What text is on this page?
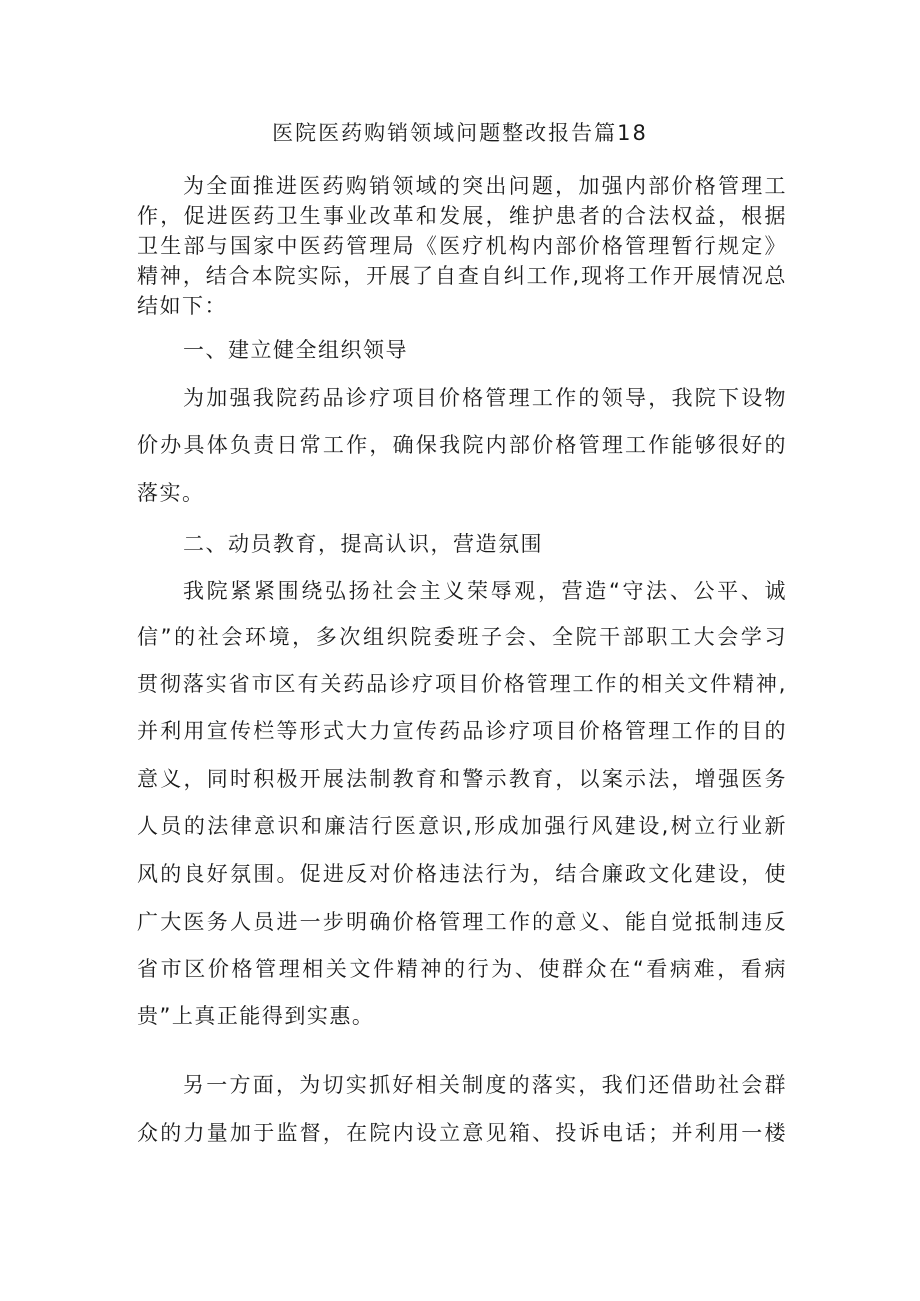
医院医药购销领域问题整改报告篇18
为全面推进医药购销领域的突出问题，加强内部价格管理工
作，促进医药卫生事业改革和发展，维护患者的合法权益，根据
卫生部与国家中医药管理局《医疗机构内部价格管理暂行规定》
精神，结合本院实际，开展了自查自纠工作,现将工作开展情况总
结如下：
一、建立健全组织领导
为加强我院药品诊疗项目价格管理工作的领导，我院下设物
价办具体负责日常工作，确保我院内部价格管理工作能够很好的
落实。
二、动员教育，提高认识，营造氛围
我院紧紧围绕弘扬社会主义荣辱观，营造“守法、公平、诚
信”的社会环境，多次组织院委班子会、全院干部职工大会学习
贯彻落实省市区有关药品诊疗项目价格管理工作的相关文件精神,
并利用宣传栏等形式大力宣传药品诊疗项目价格管理工作的目的
意义，同时积极开展法制教育和警示教育，以案示法，增强医务
人员的法律意识和廉洁行医意识,形成加强行风建设,树立行业新
风的良好氛围。促进反对价格违法行为，结合廉政文化建设，使
广大医务人员进一步明确价格管理工作的意义、能自觉抵制违反
省市区价格管理相关文件精神的行为、使群众在“看病难，看病
贵”上真正能得到实惠。
另一方面，为切实抓好相关制度的落实，我们还借助社会群
众的力量加于监督，在院内设立意见箱、投诉电话；并利用一楼
